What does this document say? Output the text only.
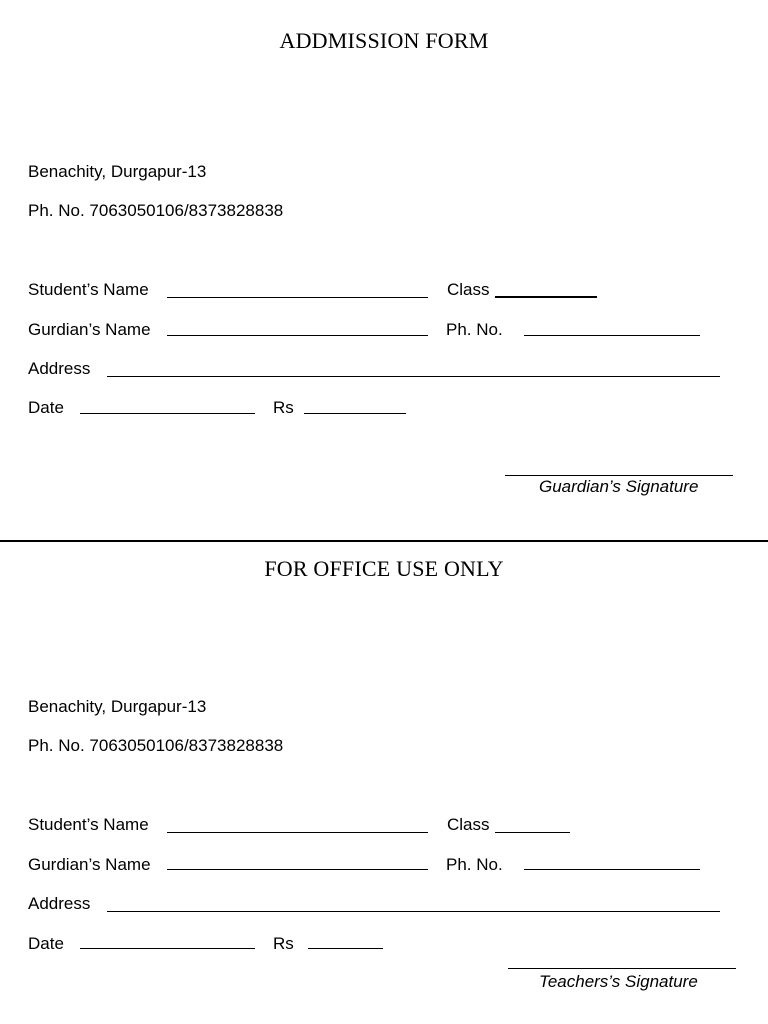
ADDMISSION FORM
Benachity, Durgapur-13
Ph. No. 7063050106/8373828838
Student’s Name	Class
Gurdian’s Name	Ph. No.
Address
Date	Rs
Guardian’s Signature
FOR OFFICE USE ONLY
Benachity, Durgapur-13
Ph. No. 7063050106/8373828838
Student’s Name	Class
Gurdian’s Name	Ph. No.
Address
Date	Rs
Teachers’s Signature
